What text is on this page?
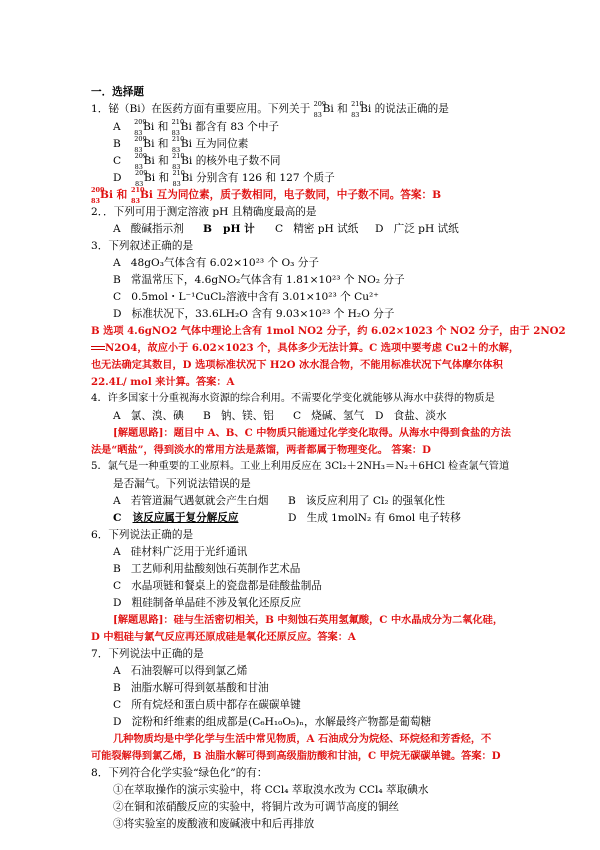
一．选择题
1．铋（Bi）在医药方面有重要应用。下列关于 209
83 Bi 和 210
83 Bi 的说法正确的是
A 209
83 Bi 和 210
83 Bi 都含有 83 个中子
B 209
83 Bi 和 210
83 Bi 互为同位素
C 209
83 Bi 和 210
83 Bi 的核外电子数不同
D 209
83 Bi 和 210
83 Bi 分别含有 126 和 127 个质子
209
83 Bi 和 210
83 Bi 互为同位素，质子数相同，电子数同，中子数不同。答案：B
2．．下列可用于测定溶液 pH 且精确度最高的是
A 酸碱指示剂 B pH 计 C 精密 pH 试纸 D 广泛 pH 试纸
3．下列叙述正确的是
A 48gO₃气体含有 6.02×10²³ 个 O₃ 分子
B 常温常压下，4.6gNO₂气体含有 1.81×10²³ 个 NO₂ 分子
C 0.5mol・L⁻¹CuCl₂溶液中含有 3.01×10²³ 个 Cu²⁺
D 标准状况下，33.6LH₂O 含有 9.03×10²³ 个 H₂O 分子
B 选项 4.6gNO2 气体中理论上含有 1mol NO2 分子，约 6.02×1023 个 NO2 分子，由于 2NO2
N2O4，故应小于 6.02×1023 个，具体多少无法计算。C 选项中要考虑 Cu2＋的水解，
也无法确定其数目，D 选项标准状况下 H2O 冰水混合物，不能用标准状况下气体摩尔体积
22.4L/ mol 来计算。答案：A
4．许多国家十分重视海水资源的综合利用。不需要化学变化就能够从海水中获得的物质是
A 氯、溴、碘 B 钠、镁、铝 C 烧碱、氢气 D 食盐、淡水
[解题思路]：题目中 A、B、C 中物质只能通过化学变化取得。从海水中得到食盐的方法
法是“晒盐”，得到淡水的常用方法是蒸馏，两者都属于物理变化。 答案：D
5．氯气是一种重要的工业原料。工业上利用反应在 3Cl₂＋2NH₃＝N₂＋6HCl 检查氯气管道
是否漏气。下列说法错误的是
A 若管道漏气遇氨就会产生白烟 B 该反应利用了 Cl₂ 的强氧化性
C 该反应属于复分解反应	D 生成 1molN₂ 有 6mol 电子转移
6．下列说法正确的是
A 硅材料广泛用于光纤通讯
B 工艺师利用盐酸刻蚀石英制作艺术品
C 水晶项链和餐桌上的瓷盘都是硅酸盐制品
D 粗硅制备单晶硅不涉及氧化还原反应
[解题思路]：硅与生活密切相关，B 中刻蚀石英用氢氟酸，C 中水晶成分为二氧化硅，
D 中粗硅与氯气反应再还原成硅是氧化还原反应。答案：A
7．下列说法中正确的是
A 石油裂解可以得到氯乙烯
B 油脂水解可得到氨基酸和甘油
C 所有烷烃和蛋白质中都存在碳碳单键
D 淀粉和纤维素的组成都是(C₆H₁₀O₅)ₙ，水解最终产物都是葡萄糖
几种物质均是中学化学与生活中常见物质，A 石油成分为烷烃、环烷烃和芳香烃，不
可能裂解得到氯乙烯，B 油脂水解可得到高级脂肪酸和甘油，C 甲烷无碳碳单键。答案：D
8．下列符合化学实验“绿色化”的有：
①在萃取操作的演示实验中，将 CCl₄ 萃取溴水改为 CCl₄ 萃取碘水
②在铜和浓硝酸反应的实验中，将铜片改为可调节高度的铜丝
③将实验室的废酸液和废碱液中和后再排放
